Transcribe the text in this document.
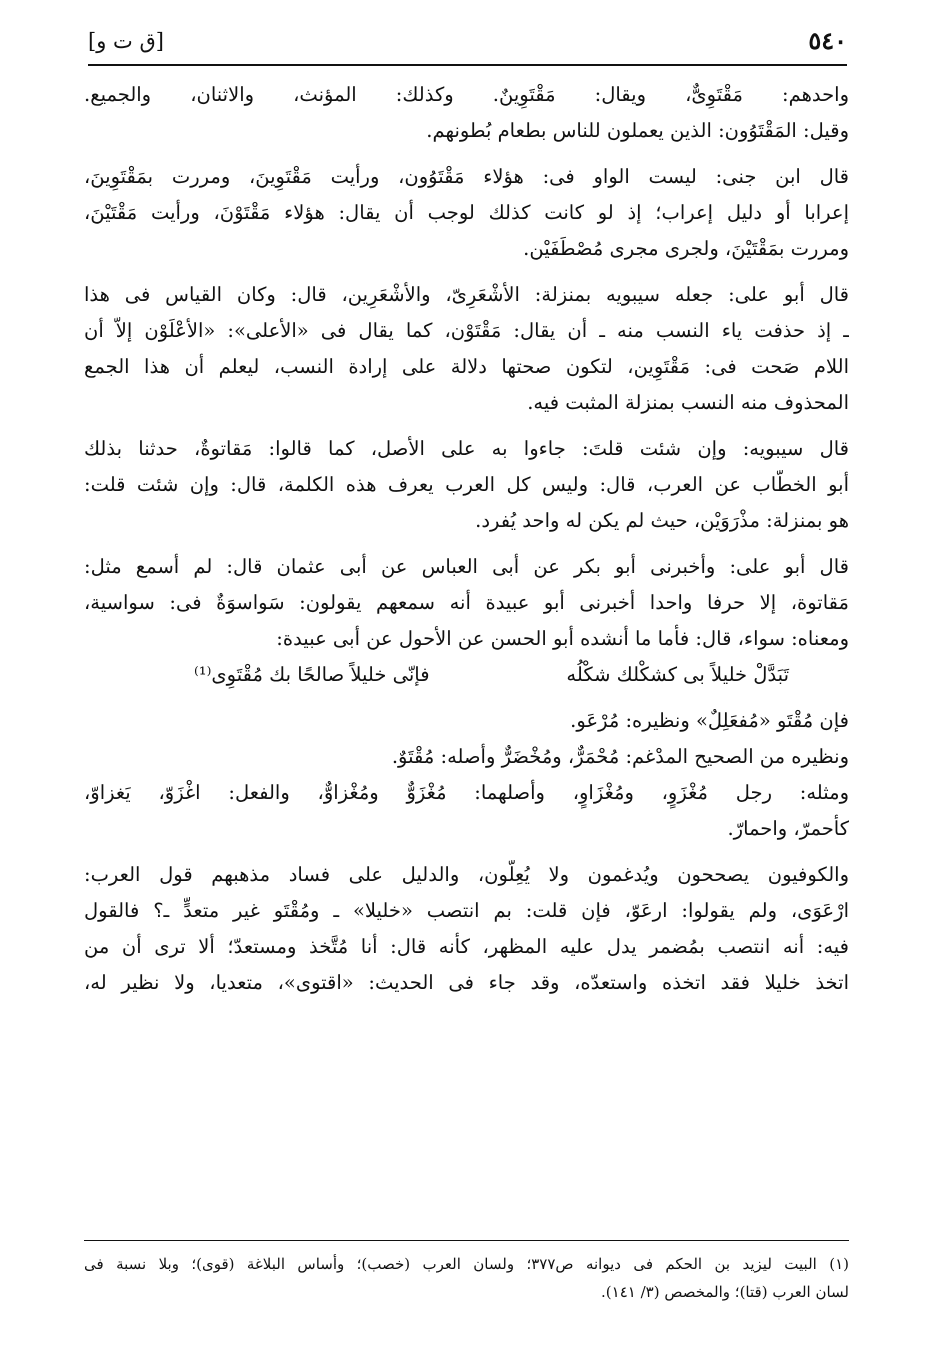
[ق ت و]	٥٤٠
واحدهم: مَقْتَوِىٌّ، ويقال: مَقْتَوِينٌ. وكذلك: المؤنث، والاثنان، والجميع.
وقيل: المَقْتَوُون: الذين يعملون للناس بطعام بُطونهم.
قال ابن جنى: ليست الواو فى: هؤلاء مَقْتَوُون، ورأيت مَقْتَوِينَ، ومررت بمَقْتَوِينَ،
إعرابا أو دليل إعراب؛ إذ لو كانت كذلك لوجب أن يقال: هؤلاء مَقْتَوْنَ، ورأيت مَقْتَيْنَ،
ومررت بمَقْتَيْنَ، ولجرى مجرى مُصْطَفَيْن.
قال أبو على: جعله سيبويه بمنزلة: الأشْعَرِىّ، والأشْعَرِين، قال: وكان القياس فى هذا
ـ إذ حذفت ياء النسب منه ـ أن يقال: مَقْتَوْن، كما يقال فى «الأعلى»: «الأعْلَوْن إلاّ أن
اللام صَحت فى: مَقْتَوِين، لتكون صحتها دلالة على إرادة النسب، ليعلم أن هذا الجمع
المحذوف منه النسب بمنزلة المثبت فيه.
قال سيبويه: وإن شئت قلتَ: جاءوا به على الأصل، كما قالوا: مَقاتوةٌ، حدثنا بذلك
أبو الخطّاب عن العرب، قال: وليس كل العرب يعرف هذه الكلمة، قال: وإن شئت قلت:
هو بمنزلة: مذْرَوَيْن، حيث لم يكن له واحد يُفرد.
قال أبو على: وأخبرنى أبو بكر عن أبى العباس عن أبى عثمان قال: لم أسمع مثل:
مَقاتوة، إلا حرفا واحدا أخبرنى أبو عبيدة أنه سمعهم يقولون: سَواسوَةٌ فى: سواسية،
ومعناه: سواء، قال: فأما ما أنشده أبو الحسن عن الأحول عن أبى عبيدة:
تَبَدَّلْ خليلاً بى كشكْلك شكْلُه
فإنّى خليلاً صالحًا بك مُقْتَوِى⁽¹⁾
فإن مُقْتَو «مُفعَلِلٌ» ونظيره: مُرْعَو.
ونظيره من الصحيح المدْغم: مُحْمَرٌّ، ومُخْضَرٌّ وأصله: مُقْتَوٌ.
ومثله: رجل مُغْزَوٍ، ومُغْزَاوٍ، وأصلهما: مُغْزَوٌّ ومُغْزاوٌّ، والفعل: اغْزَوّ، يَغزاوّ،
كأحمرّ، واحمارّ.
والكوفيون يصححون ويُدغمون ولا يُعِلُّون، والدليل على فساد مذهبهم قول العرب:
ارْعَوَى، ولم يقولوا: ارعَوّ، فإن قلت: بم انتصب «خليلا» ـ ومُقْتَو غير متعدٍّ ـ؟ فالقول
فيه: أنه انتصب بمُضمر يدل عليه المظهر، كأنه قال: أنا مُتَّخذ ومستعدّ؛ ألا ترى أن من
اتخذ خليلا فقد اتخذه واستعدّه، وقد جاء فى الحديث: «اقتوى»، متعديا، ولا نظير له،
(١) البيت ليزيد بن الحكم فى ديوانه ص٣٧٧؛ ولسان العرب (خصب)؛ وأساس البلاغة (قوى)؛ وبلا نسبة فى
لسان العرب (قتا)؛ والمخصص (٣/ ١٤١).
